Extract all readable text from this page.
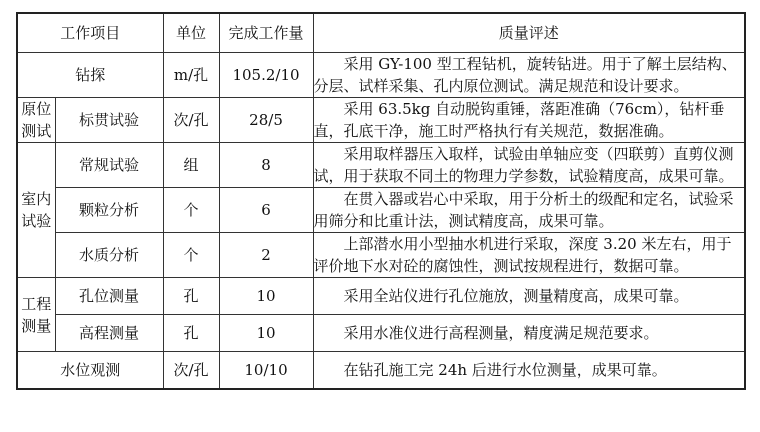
工作项目		单位	完成工作量	质量评述
钻探		m/孔	105.2/10	采用 GY-100 型工程钻机，旋转钻进。用于了解土层结构、分层、试样采集、孔内原位测试。满足规范和设计要求。
原位测试	标贯试验	次/孔	28/5	采用 63.5kg 自动脱钩重锤，落距准确（76cm），钻杆垂直，孔底干净，施工时严格执行有关规范，数据准确。
室内试验	常规试验	组	8	采用取样器压入取样，试验由单轴应变（四联剪）直剪仪测试，用于获取不同土的物理力学参数，试验精度高，成果可靠。
	颗粒分析	个	6	在贯入器或岩心中采取，用于分析土的级配和定名，试验采用筛分和比重计法，测试精度高，成果可靠。
	水质分析	个	2	上部潜水用小型抽水机进行采取，深度 3.20 米左右，用于评价地下水对砼的腐蚀性，测试按规程进行，数据可靠。
工程测量	孔位测量	孔	10	采用全站仪进行孔位施放，测量精度高，成果可靠。
	高程测量	孔	10	采用水准仪进行高程测量，精度满足规范要求。
水位观测		次/孔	10/10	在钻孔施工完 24h 后进行水位测量，成果可靠。
